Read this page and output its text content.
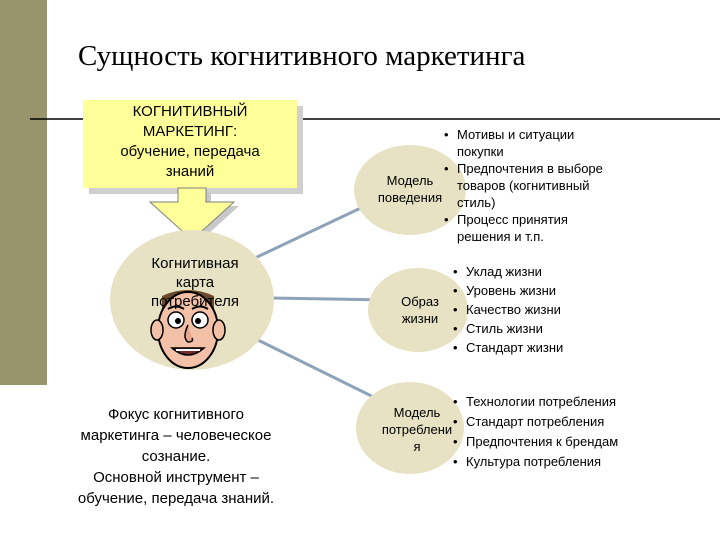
Сущность когнитивного маркетинга
КОГНИТИВНЫЙ
МАРКЕТИНГ:
обучение, передача
знаний
Когнитивная
карта
потребителя
Фокус когнитивного
маркетинга – человеческое
сознание.
Основной инструмент –
обучение, передача знаний.
Модель
поведения
• Мотивы и ситуации
покупки
• Предпочтения в выборе
товаров (когнитивный
стиль)
• Процесс принятия
решения и т.п.
Образ
жизни
• Уклад жизни
• Уровень жизни
• Качество жизни
• Стиль жизни
• Стандарт жизни
Модель
потреблени
я
• Технологии потребления
• Стандарт потребления
• Предпочтения к брендам
• Культура потребления
